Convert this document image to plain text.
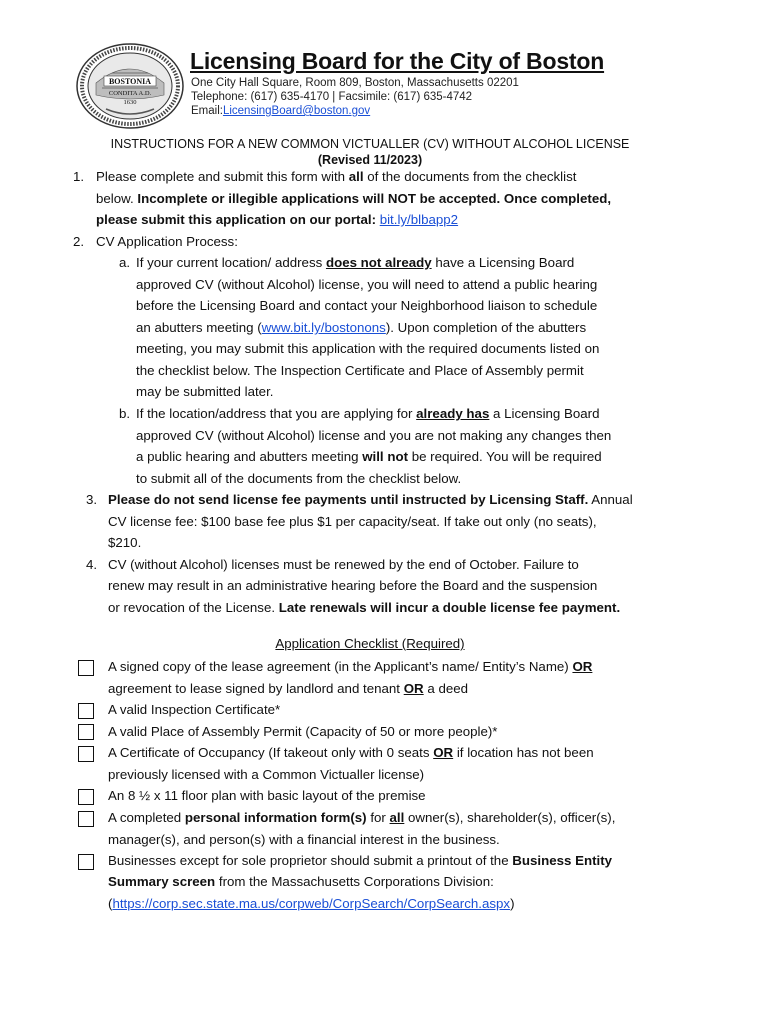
BOSTONIA
CONDITA A.D.
1630
Licensing Board for the City of Boston
One City Hall Square, Room 809, Boston, Massachusetts 02201
Telephone: (617) 635-4170 | Facsimile: (617) 635-4742
Email:LicensingBoard@boston.gov
INSTRUCTIONS FOR A NEW COMMON VICTUALLER (CV) WITHOUT ALCOHOL LICENSE
(Revised 11/2023)
1. Please complete and submit this form with all of the documents from the checklist
below. Incomplete or illegible applications will NOT be accepted. Once completed,
please submit this application on our portal: bit.ly/blbapp2
2. CV Application Process:
a. If your current location/ address does not already have a Licensing Board
approved CV (without Alcohol) license, you will need to attend a public hearing
before the Licensing Board and contact your Neighborhood liaison to schedule
an abutters meeting (www.bit.ly/bostonons). Upon completion of the abutters
meeting, you may submit this application with the required documents listed on
the checklist below. The Inspection Certificate and Place of Assembly permit
may be submitted later.
b. If the location/address that you are applying for already has a Licensing Board
approved CV (without Alcohol) license and you are not making any changes then
a public hearing and abutters meeting will not be required. You will be required
to submit all of the documents from the checklist below.
3. Please do not send license fee payments until instructed by Licensing Staff. Annual
CV license fee: $100 base fee plus $1 per capacity/seat. If take out only (no seats),
$210.
4. CV (without Alcohol) licenses must be renewed by the end of October. Failure to
renew may result in an administrative hearing before the Board and the suspension
or revocation of the License. Late renewals will incur a double license fee payment.
Application Checklist (Required)
A signed copy of the lease agreement (in the Applicant’s name/ Entity’s Name) OR
agreement to lease signed by landlord and tenant OR a deed
A valid Inspection Certificate*
A valid Place of Assembly Permit (Capacity of 50 or more people)*
A Certificate of Occupancy (If takeout only with 0 seats OR if location has not been
previously licensed with a Common Victualler license)
An 8 ½ x 11 floor plan with basic layout of the premise
A completed personal information form(s) for all owner(s), shareholder(s), officer(s),
manager(s), and person(s) with a financial interest in the business.
Businesses except for sole proprietor should submit a printout of the Business Entity
Summary screen from the Massachusetts Corporations Division:
(https://corp.sec.state.ma.us/corpweb/CorpSearch/CorpSearch.aspx)
